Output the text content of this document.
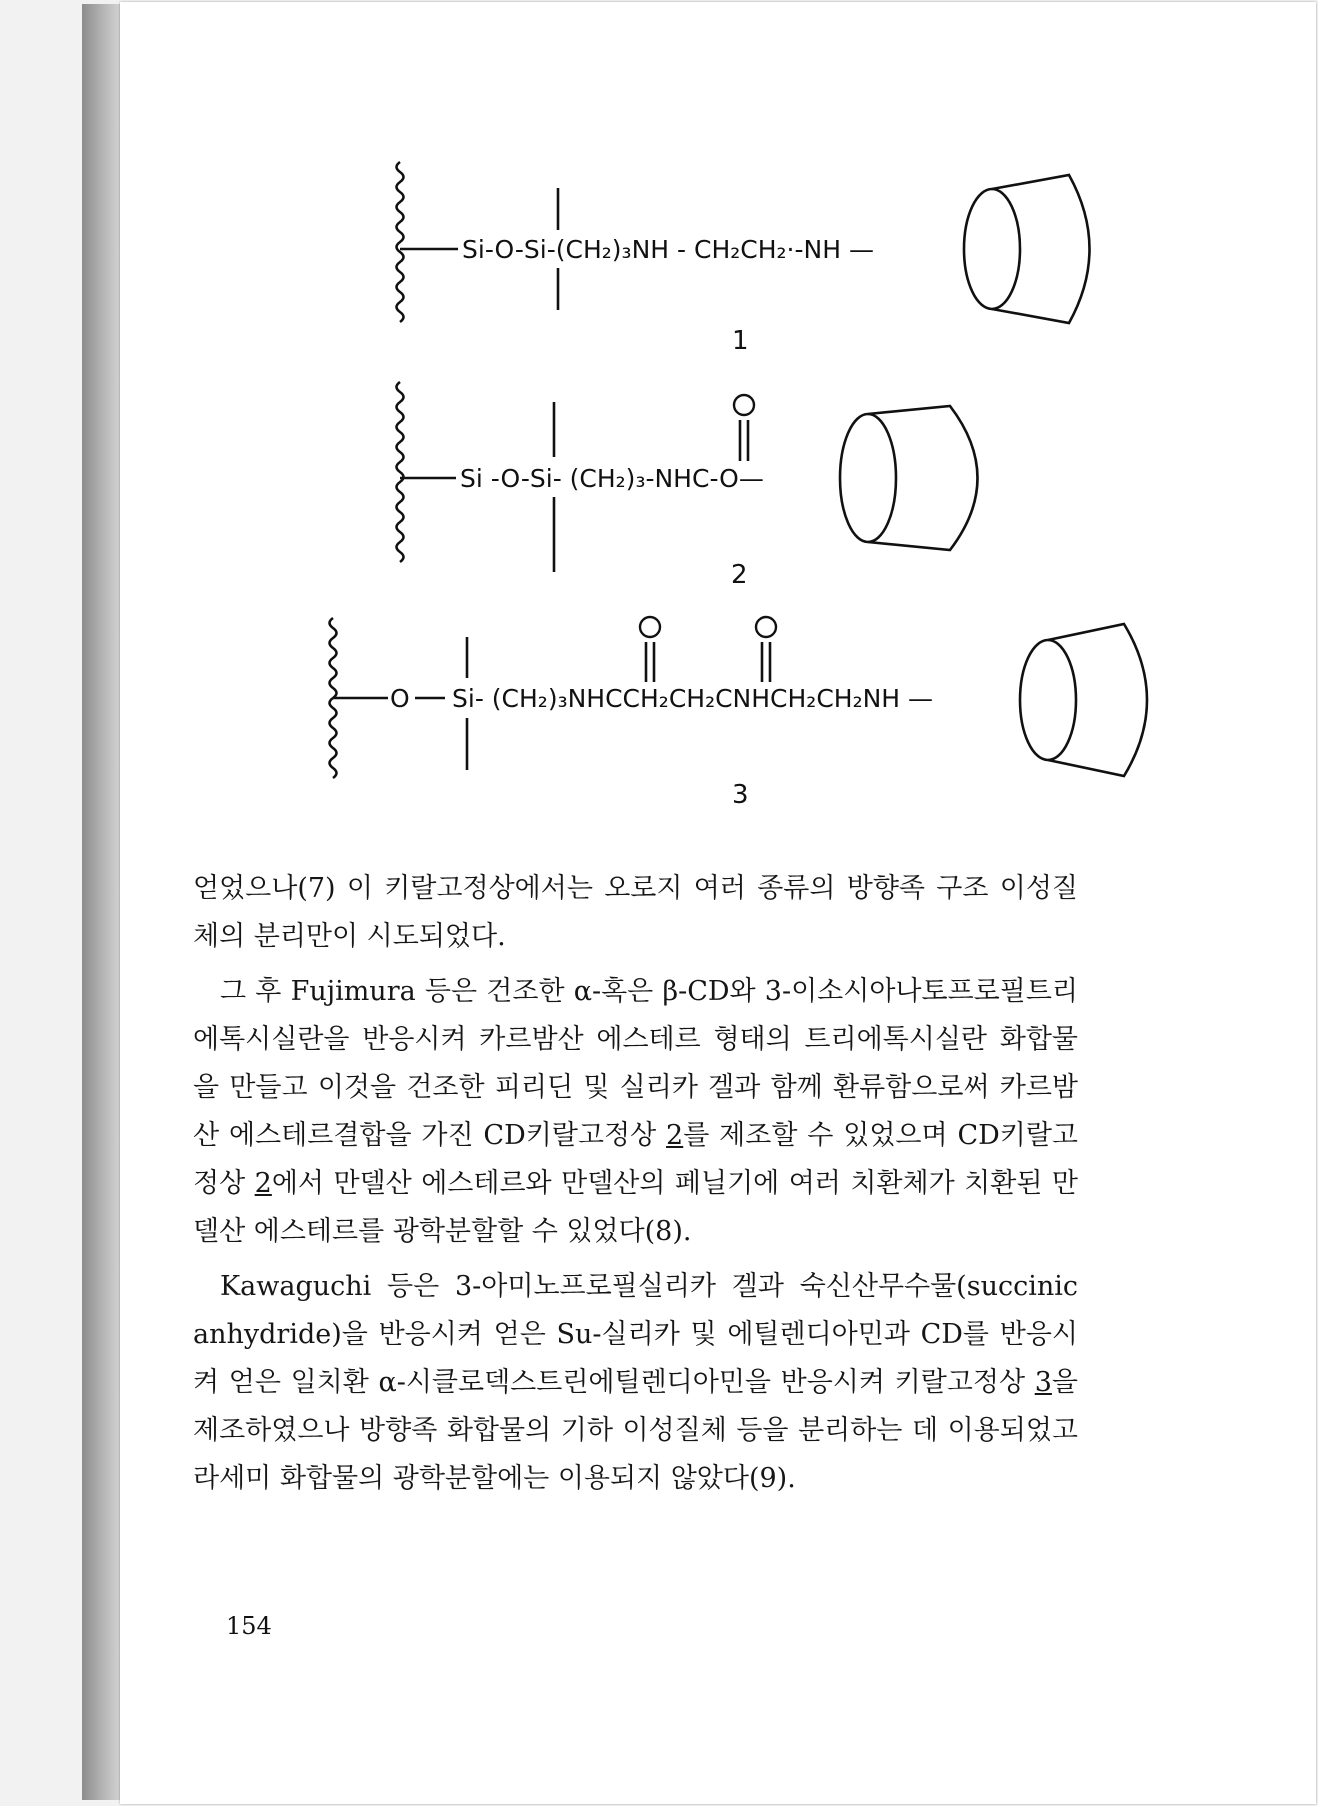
Si-O-Si-(CH₂)₃NH - CH₂CH₂·-NH —
1
Si -O-Si- (CH₂)₃-NHC-O—
2
O Si- (CH₂)₃NHCCH₂CH₂CNHCH₂CH₂NH —
3

얻었으나(7) 이 키랄고정상에서는 오로지 여러 종류의 방향족 구조 이성질체의 분리만이 시도되었다.

그 후 Fujimura 등은 건조한 α-혹은 β-CD와 3-이소시아나토프로필트리에톡시실란을 반응시켜 카르밤산 에스테르 형태의 트리에톡시실란 화합물을 만들고 이것을 건조한 피리딘 및 실리카 겔과 함께 환류함으로써 카르밤산 에스테르결합을 가진 CD키랄고정상 2를 제조할 수 있었으며 CD키랄고정상 2에서 만델산 에스테르와 만델산의 페닐기에 여러 치환체가 치환된 만델산 에스테르를 광학분할할 수 있었다(8).

Kawaguchi 등은 3-아미노프로필실리카 겔과 숙신산무수물(succinic anhydride)을 반응시켜 얻은 Su-실리카 및 에틸렌디아민과 CD를 반응시켜 얻은 일치환 α-시클로덱스트린에틸렌디아민을 반응시켜 키랄고정상 3을 제조하였으나 방향족 화합물의 기하 이성질체 등을 분리하는 데 이용되었고 라세미 화합물의 광학분할에는 이용되지 않았다(9).

154
